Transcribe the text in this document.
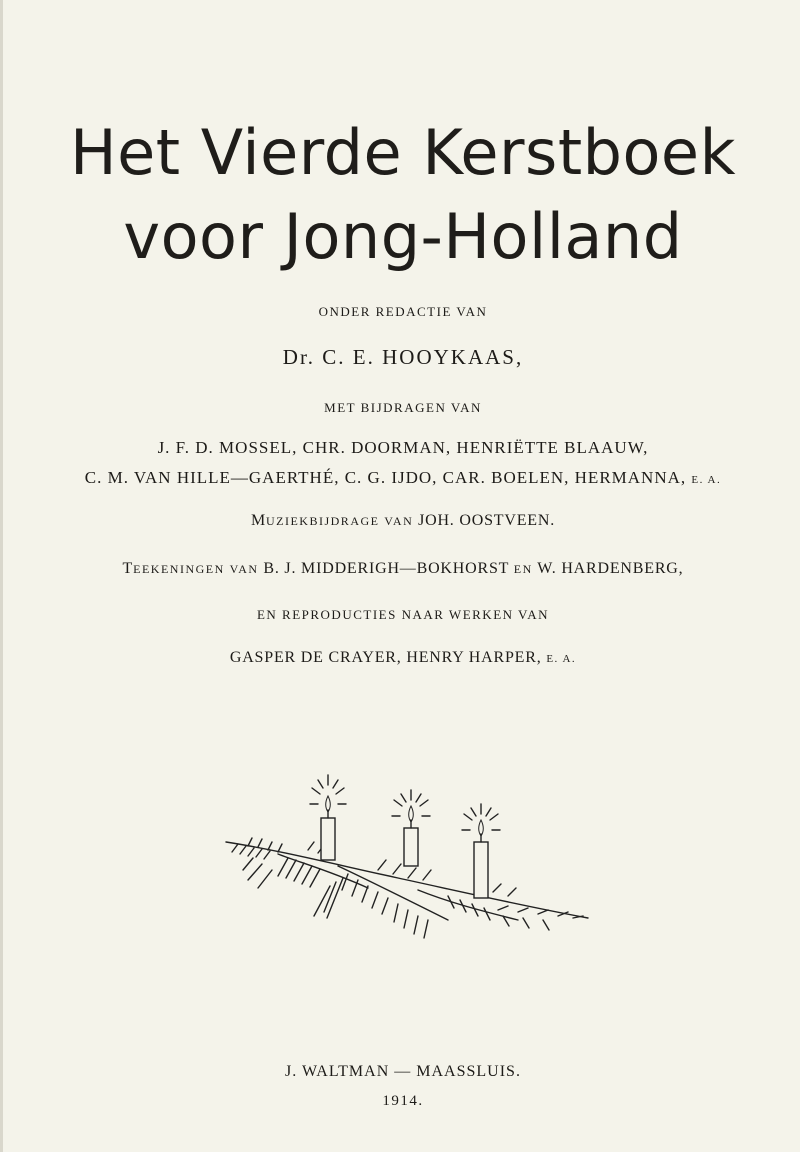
Het Vierde Kerstboek
voor Jong-Holland
ONDER REDACTIE VAN
Dr. C. E. HOOYKAAS,
MET BIJDRAGEN VAN
J. F. D. MOSSEL, CHR. DOORMAN, HENRIËTTE BLAAUW,
C. M. VAN HILLE—GAERTHÉ, C. G. IJDO, CAR. BOELEN, HERMANNA, E. A.
MUZIEKBIJDRAGE VAN JOH. OOSTVEEN.
TEEKENINGEN VAN B. J. MIDDERIGH—BOKHORST EN W. HARDENBERG,
EN REPRODUCTIES NAAR WERKEN VAN
GASPER DE CRAYER, HENRY HARPER, E. A.
J. WALTMAN — MAASSLUIS.
1914.
